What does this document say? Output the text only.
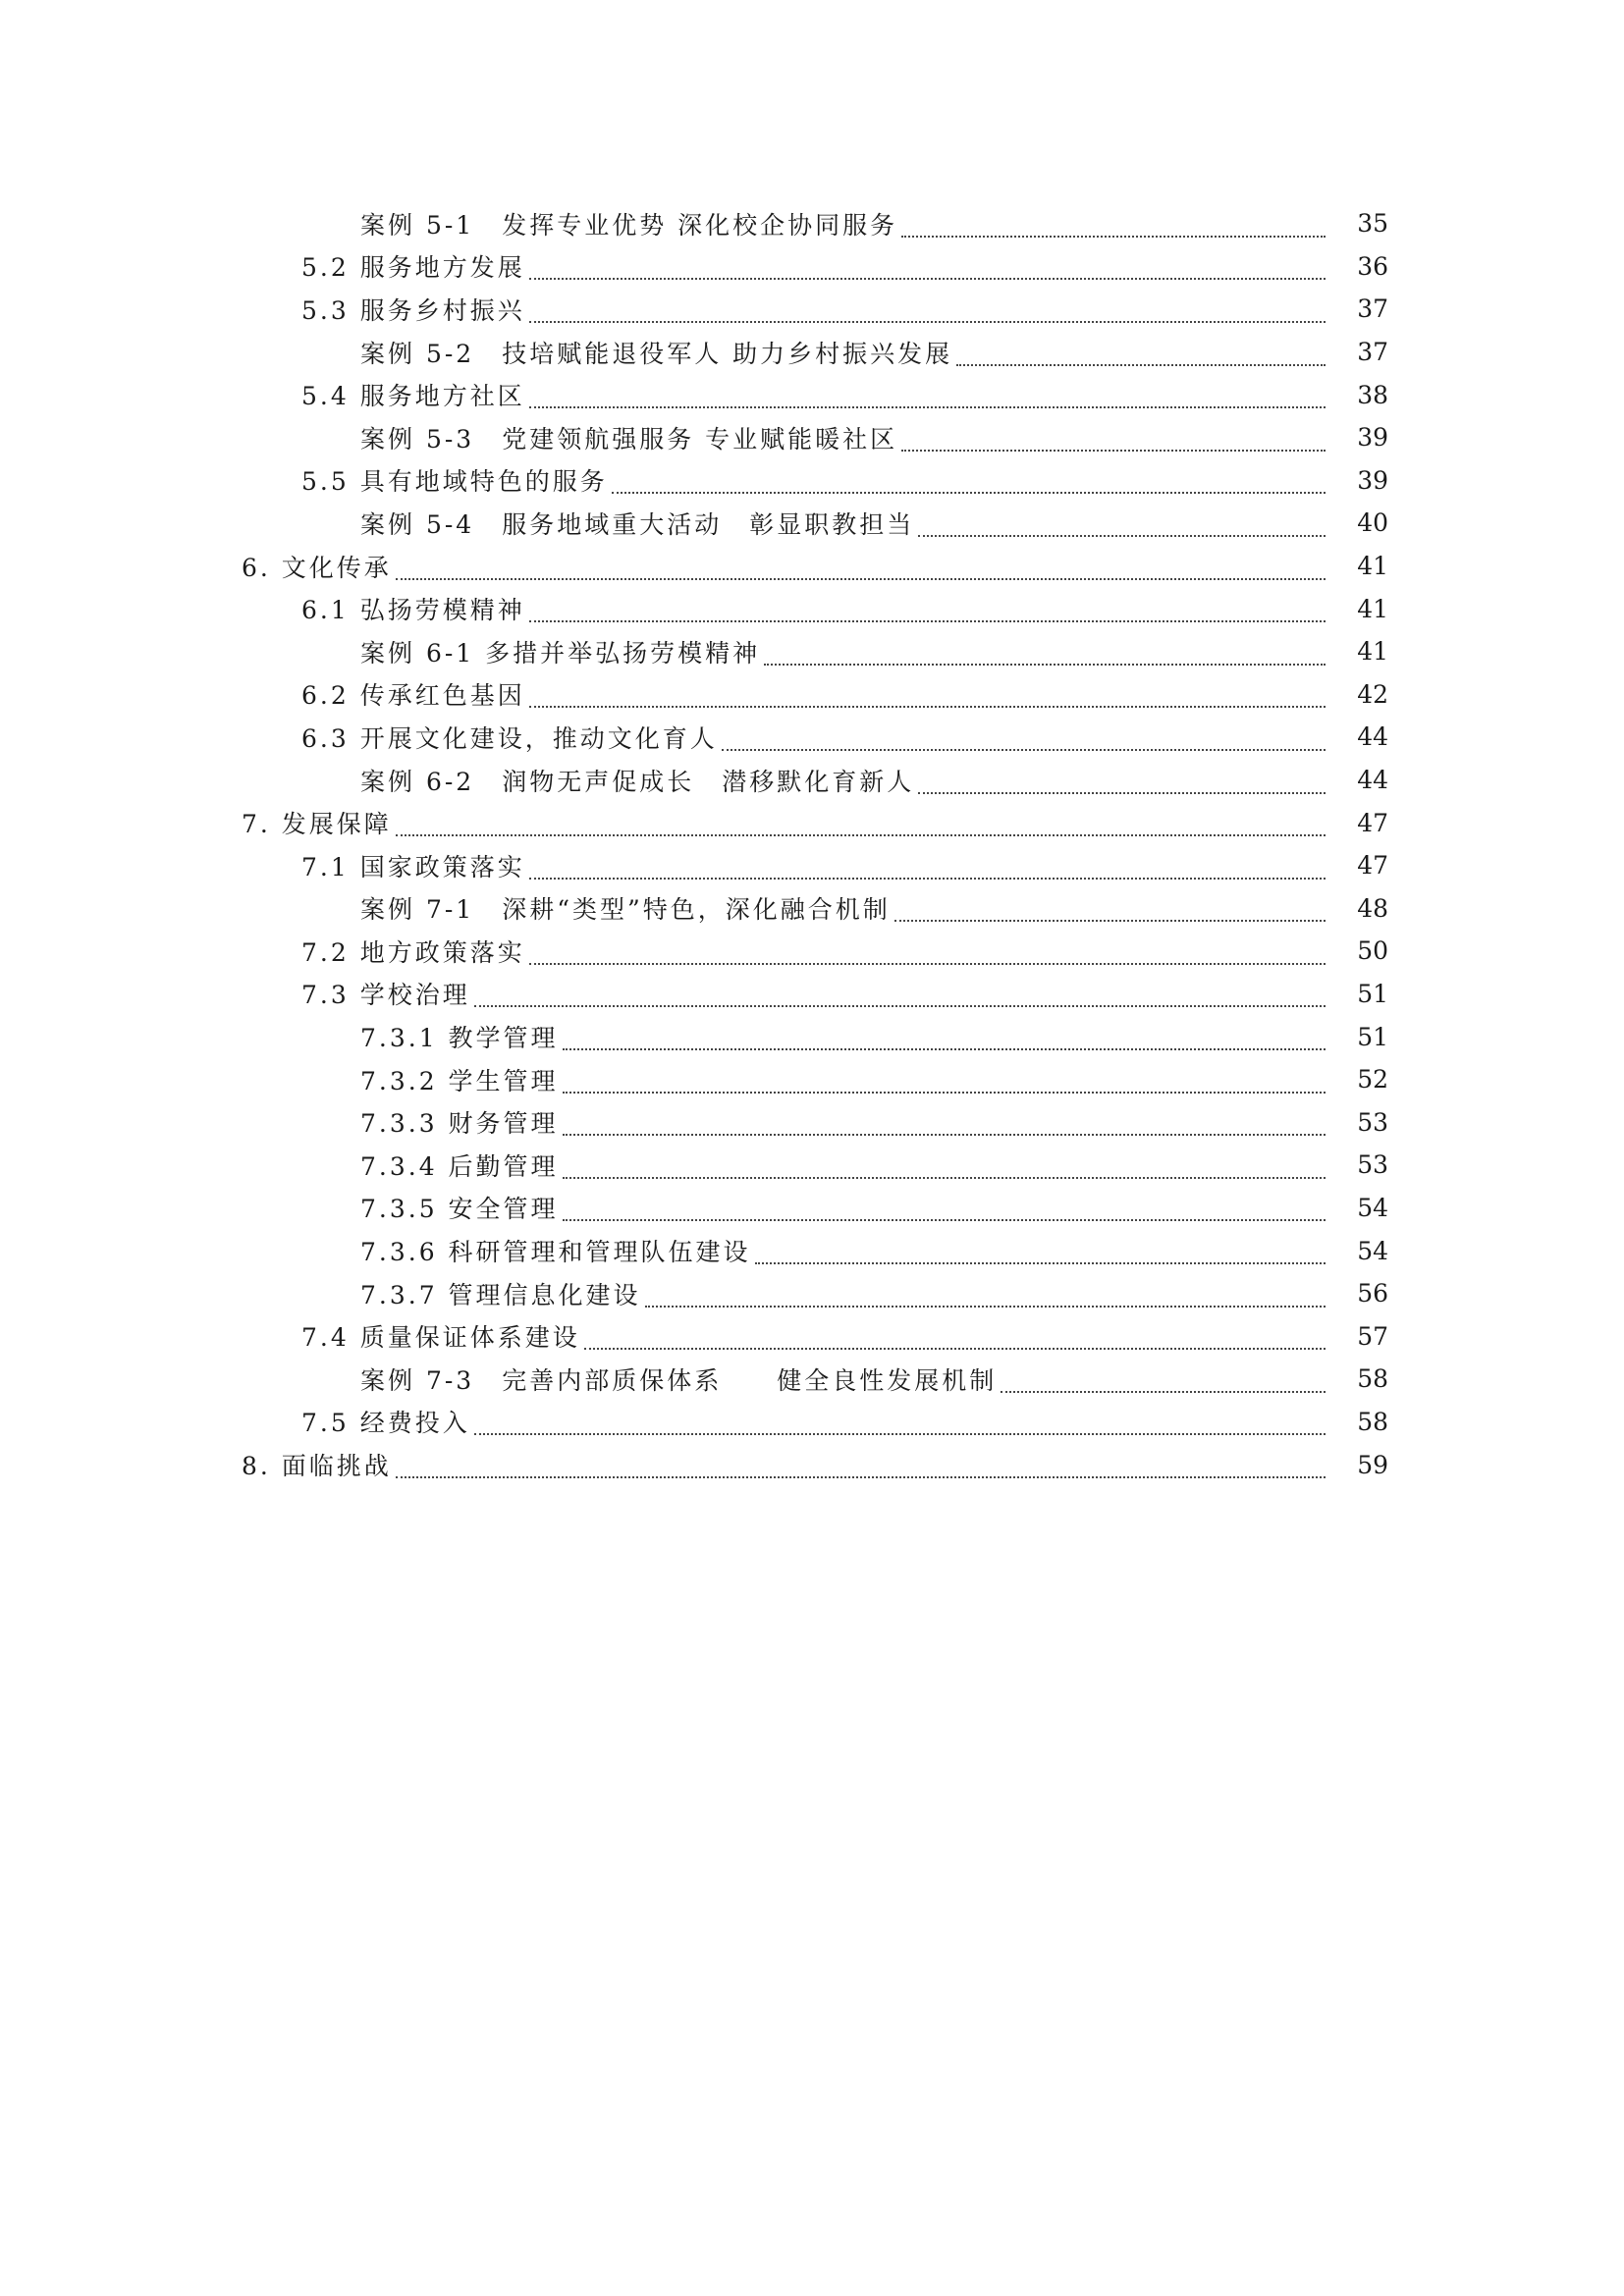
案例 5-1　发挥专业优势 深化校企协同服务	35
5.2 服务地方发展	36
5.3 服务乡村振兴	37
案例 5-2　技培赋能退役军人 助力乡村振兴发展	37
5.4 服务地方社区	38
案例 5-3　党建领航强服务 专业赋能暖社区	39
5.5 具有地域特色的服务	39
案例 5-4　服务地域重大活动　彰显职教担当	40
6. 文化传承	41
6.1 弘扬劳模精神	41
案例 6-1 多措并举弘扬劳模精神	41
6.2 传承红色基因	42
6.3 开展文化建设，推动文化育人	44
案例 6-2　润物无声促成长　潜移默化育新人	44
7. 发展保障	47
7.1 国家政策落实	47
案例 7-1　深耕“类型”特色，深化融合机制	48
7.2 地方政策落实	50
7.3 学校治理	51
7.3.1 教学管理	51
7.3.2 学生管理	52
7.3.3 财务管理	53
7.3.4 后勤管理	53
7.3.5 安全管理	54
7.3.6 科研管理和管理队伍建设	54
7.3.7 管理信息化建设	56
7.4 质量保证体系建设	57
案例 7-3　完善内部质保体系　　健全良性发展机制	58
7.5 经费投入	58
8. 面临挑战	59
